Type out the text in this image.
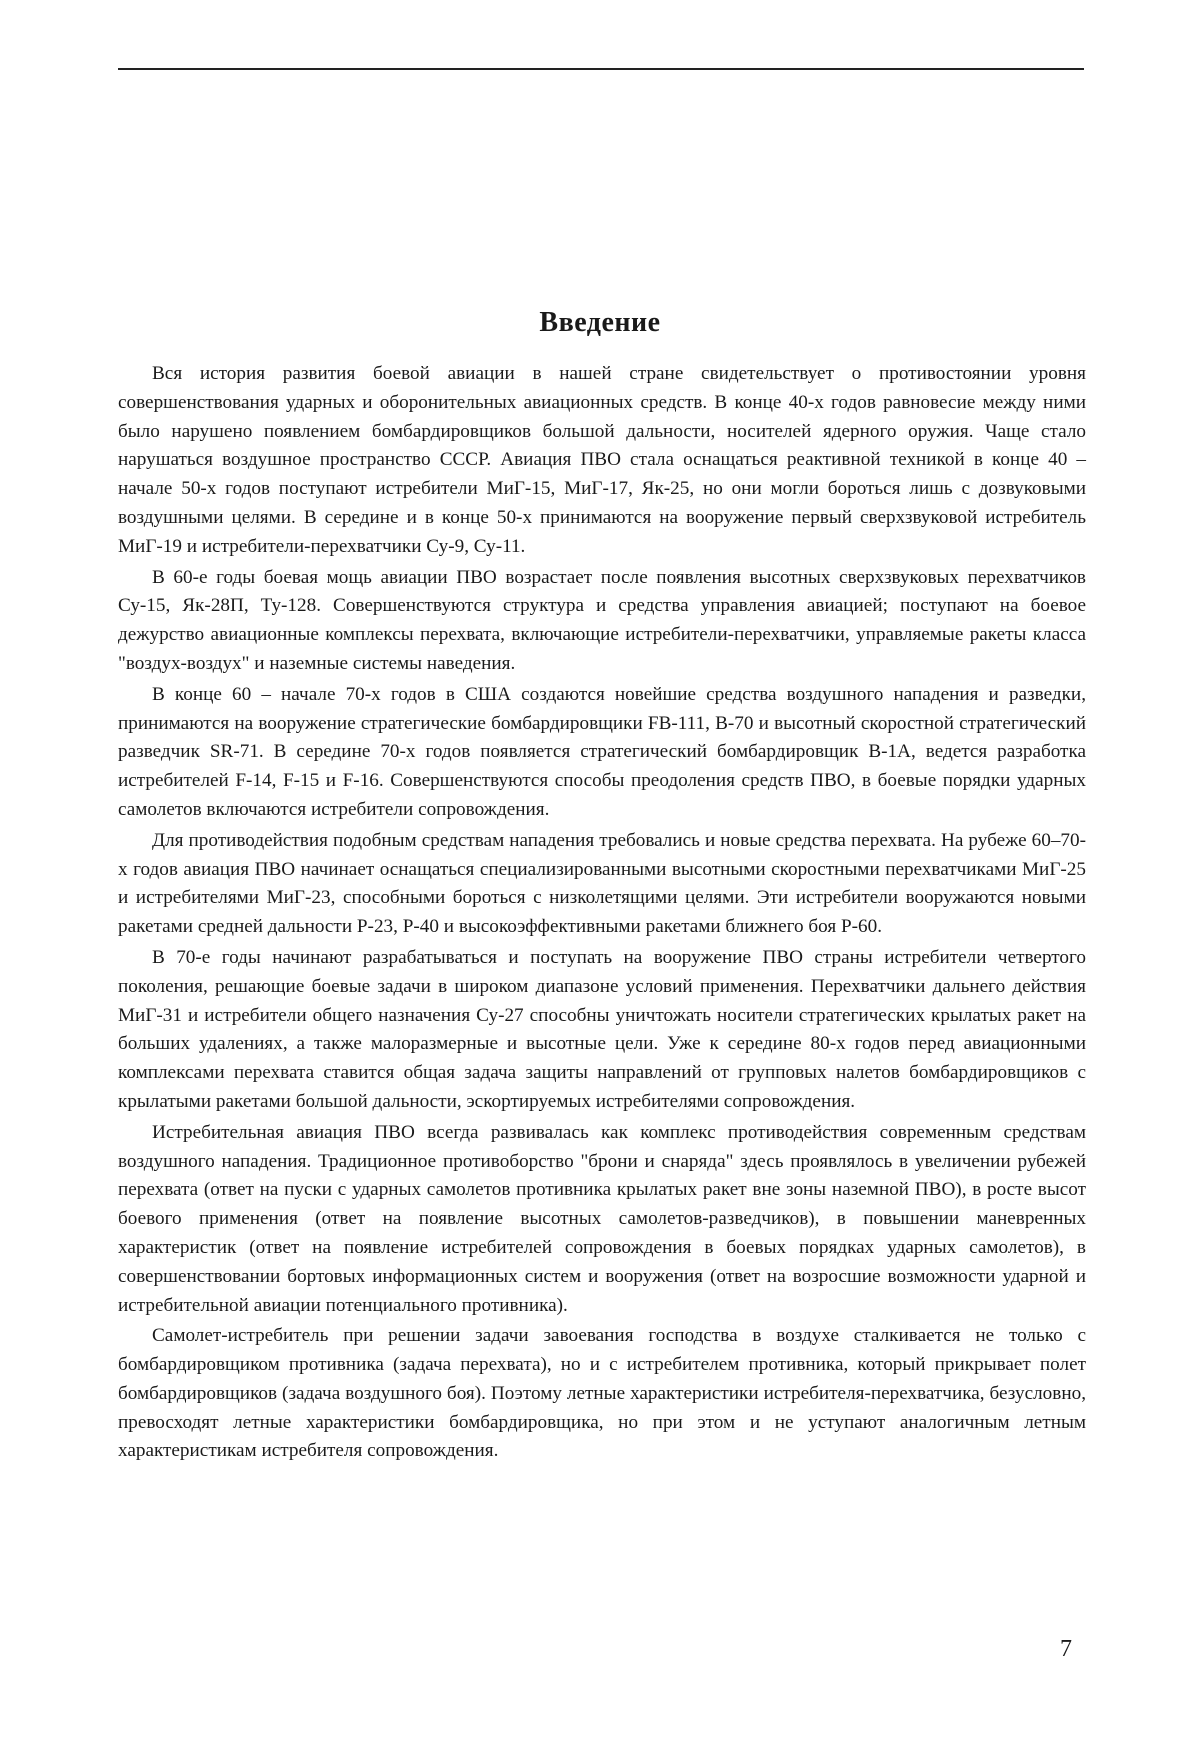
Введение

Вся история развития боевой авиации в нашей стране свидетельствует о противостоянии уровня совершенствования ударных и оборонительных авиационных средств. В конце 40-х годов равновесие между ними было нарушено появлением бомбардировщиков большой дальности, носителей ядерного оружия. Чаще стало нарушаться воздушное пространство СССР. Авиация ПВО стала оснащаться реактивной техникой в конце 40 – начале 50-х годов поступают истребители МиГ-15, МиГ-17, Як-25, но они могли бороться лишь с дозвуковыми воздушными целями. В середине и в конце 50-х принимаются на вооружение первый сверхзвуковой истребитель МиГ-19 и истребители-перехватчики Су-9, Су-11.

В 60-е годы боевая мощь авиации ПВО возрастает после появления высотных сверхзвуковых перехватчиков Су-15, Як-28П, Ту-128. Совершенствуются структура и средства управления авиацией; поступают на боевое дежурство авиационные комплексы перехвата, включающие истребители-перехватчики, управляемые ракеты класса "воздух-воздух" и наземные системы наведения.

В конце 60 – начале 70-х годов в США создаются новейшие средства воздушного нападения и разведки, принимаются на вооружение стратегические бомбардировщики FB-111, B-70 и высотный скоростной стратегический разведчик SR-71. В середине 70-х годов появляется стратегический бомбардировщик B-1A, ведется разработка истребителей F-14, F-15 и F-16. Совершенствуются способы преодоления средств ПВО, в боевые порядки ударных самолетов включаются истребители сопровождения.

Для противодействия подобным средствам нападения требовались и новые средства перехвата. На рубеже 60–70-х годов авиация ПВО начинает оснащаться специализированными высотными скоростными перехватчиками МиГ-25 и истребителями МиГ-23, способными бороться с низколетящими целями. Эти истребители вооружаются новыми ракетами средней дальности Р-23, Р-40 и высокоэффективными ракетами ближнего боя Р-60.

В 70-е годы начинают разрабатываться и поступать на вооружение ПВО страны истребители четвертого поколения, решающие боевые задачи в широком диапазоне условий применения. Перехватчики дальнего действия МиГ-31 и истребители общего назначения Су-27 способны уничтожать носители стратегических крылатых ракет на больших удалениях, а также малоразмерные и высотные цели. Уже к середине 80-х годов перед авиационными комплексами перехвата ставится общая задача защиты направлений от групповых налетов бомбардировщиков с крылатыми ракетами большой дальности, эскортируемых истребителями сопровождения.

Истребительная авиация ПВО всегда развивалась как комплекс противодействия современным средствам воздушного нападения. Традиционное противоборство "брони и снаряда" здесь проявлялось в увеличении рубежей перехвата (ответ на пуски с ударных самолетов противника крылатых ракет вне зоны наземной ПВО), в росте высот боевого применения (ответ на появление высотных самолетов-разведчиков), в повышении маневренных характеристик (ответ на появление истребителей сопровождения в боевых порядках ударных самолетов), в совершенствовании бортовых информационных систем и вооружения (ответ на возросшие возможности ударной и истребительной авиации потенциального противника).

Самолет-истребитель при решении задачи завоевания господства в воздухе сталкивается не только с бомбардировщиком противника (задача перехвата), но и с истребителем противника, который прикрывает полет бомбардировщиков (задача воздушного боя). Поэтому летные характеристики истребителя-перехватчика, безусловно, превосходят летные характеристики бомбардировщика, но при этом и не уступают аналогичным летным характеристикам истребителя сопровождения.

7
